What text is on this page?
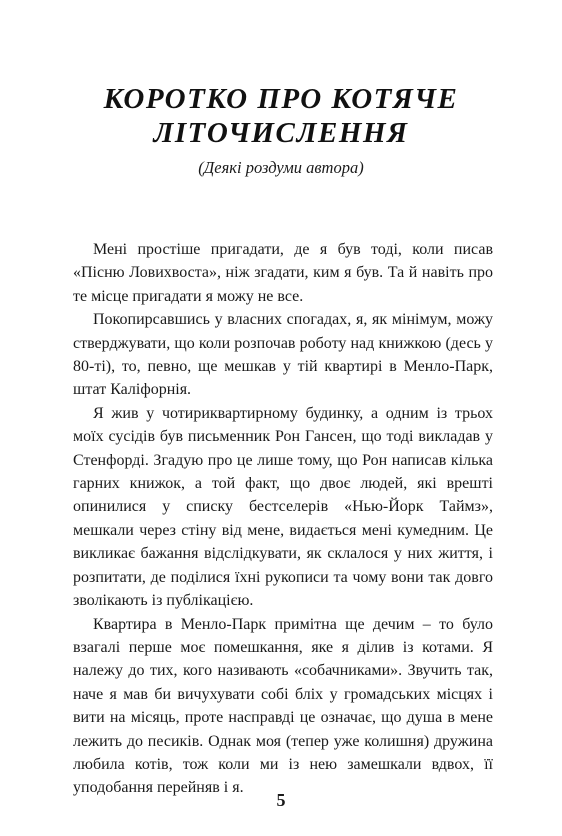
КОРОТКО ПРО КОТЯЧЕ
ЛІТОЧИСЛЕННЯ

(Деякі роздуми автора)

Мені простіше пригадати, де я був тоді, коли писав «Пісню Ловихвоста», ніж згадати, ким я був. Та й навіть про те місце пригадати я можу не все.

Покопирсавшись у власних спогадах, я, як мінімум, можу стверджувати, що коли розпочав роботу над книжкою (десь у 80-ті), то, певно, ще мешкав у тій квартирі в Менло-Парк, штат Каліфорнія.

Я жив у чотириквартирному будинку, а одним із трьох моїх сусідів був письменник Рон Гансен, що тоді викладав у Стенфорді. Згадую про це лише тому, що Рон написав кілька гарних книжок, а той факт, що двоє людей, які врешті опинилися у списку бестселерів «Нью-Йорк Таймз», мешкали через стіну від мене, видається мені кумедним. Це викликає бажання відслідкувати, як склалося у них життя, і розпитати, де поділися їхні рукописи та чому вони так довго зволікають із публікацією.

Квартира в Менло-Парк примітна ще дечим – то було взагалі перше моє помешкання, яке я ділив із котами. Я належу до тих, кого називають «собачниками». Звучить так, наче я мав би вичухувати собі бліх у громадських місцях і вити на місяць, проте насправді це означає, що душа в мене лежить до песиків. Однак моя (тепер уже колишня) дружина любила котів, тож коли ми із нею замешкали вдвох, її уподобання перейняв і я.

5
